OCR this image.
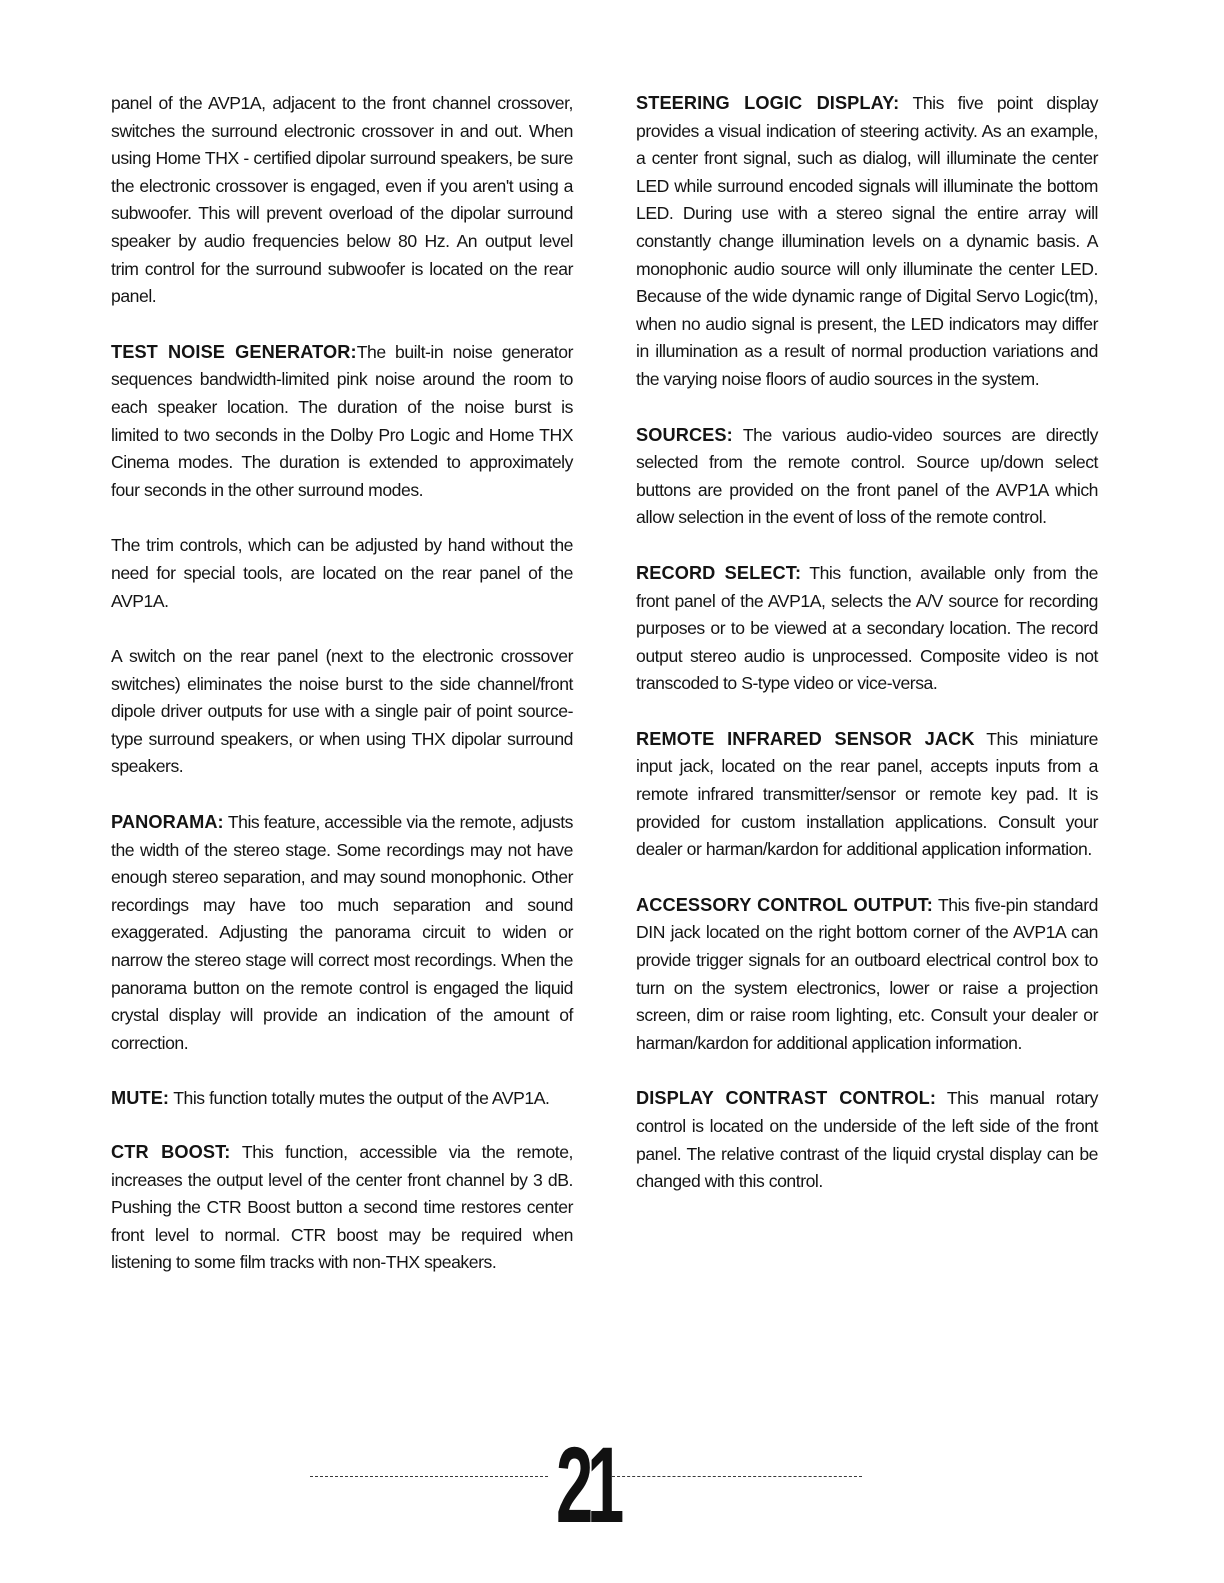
panel of the AVP1A, adjacent to the front channel crossover, switches the surround electronic crossover in and out. When using Home THX - certified dipolar surround speakers, be sure the electronic crossover is engaged, even if you aren't using a subwoofer. This will prevent overload of the dipolar surround speaker by audio frequencies below 80 Hz. An output level trim control for the surround subwoofer is located on the rear panel.

TEST NOISE GENERATOR:The built-in noise generator sequences bandwidth-limited pink noise around the room to each speaker location. The duration of the noise burst is limited to two seconds in the Dolby Pro Logic and Home THX Cinema modes. The duration is extended to approximately four seconds in the other surround modes.

The trim controls, which can be adjusted by hand without the need for special tools, are located on the rear panel of the AVP1A.

A switch on the rear panel (next to the electronic crossover switches) eliminates the noise burst to the side channel/front dipole driver outputs for use with a single pair of point source-type surround speakers, or when using THX dipolar surround speakers.

PANORAMA: This feature, accessible via the remote, adjusts the width of the stereo stage. Some recordings may not have enough stereo separation, and may sound monophonic. Other recordings may have too much separation and sound exaggerated. Adjusting the panorama circuit to widen or narrow the stereo stage will correct most recordings. When the panorama button on the remote control is engaged the liquid crystal display will provide an indication of the amount of correction.

MUTE: This function totally mutes the output of the AVP1A.

CTR BOOST: This function, accessible via the remote, increases the output level of the center front channel by 3 dB. Pushing the CTR Boost button a second time restores center front level to normal. CTR boost may be required when listening to some film tracks with non-THX speakers.

STEERING LOGIC DISPLAY: This five point display provides a visual indication of steering activity. As an example, a center front signal, such as dialog, will illuminate the center LED while surround encoded signals will illuminate the bottom LED. During use with a stereo signal the entire array will constantly change illumination levels on a dynamic basis. A monophonic audio source will only illuminate the center LED. Because of the wide dynamic range of Digital Servo Logic(tm), when no audio signal is present, the LED indicators may differ in illumination as a result of normal production variations and the varying noise floors of audio sources in the system.

SOURCES: The various audio-video sources are directly selected from the remote control. Source up/down select buttons are provided on the front panel of the AVP1A which allow selection in the event of loss of the remote control.

RECORD SELECT: This function, available only from the front panel of the AVP1A, selects the A/V source for recording purposes or to be viewed at a secondary location. The record output stereo audio is unprocessed. Composite video is not transcoded to S-type video or vice-versa.

REMOTE INFRARED SENSOR JACK This miniature input jack, located on the rear panel, accepts inputs from a remote infrared transmitter/sensor or remote key pad. It is provided for custom installation applications. Consult your dealer or harman/kardon for additional application information.

ACCESSORY CONTROL OUTPUT: This five-pin standard DIN jack located on the right bottom corner of the AVP1A can provide trigger signals for an outboard electrical control box to turn on the system electronics, lower or raise a projection screen, dim or raise room lighting, etc. Consult your dealer or harman/kardon for additional application information.

DISPLAY CONTRAST CONTROL: This manual rotary control is located on the underside of the left side of the front panel. The relative contrast of the liquid crystal display can be changed with this control.

21
